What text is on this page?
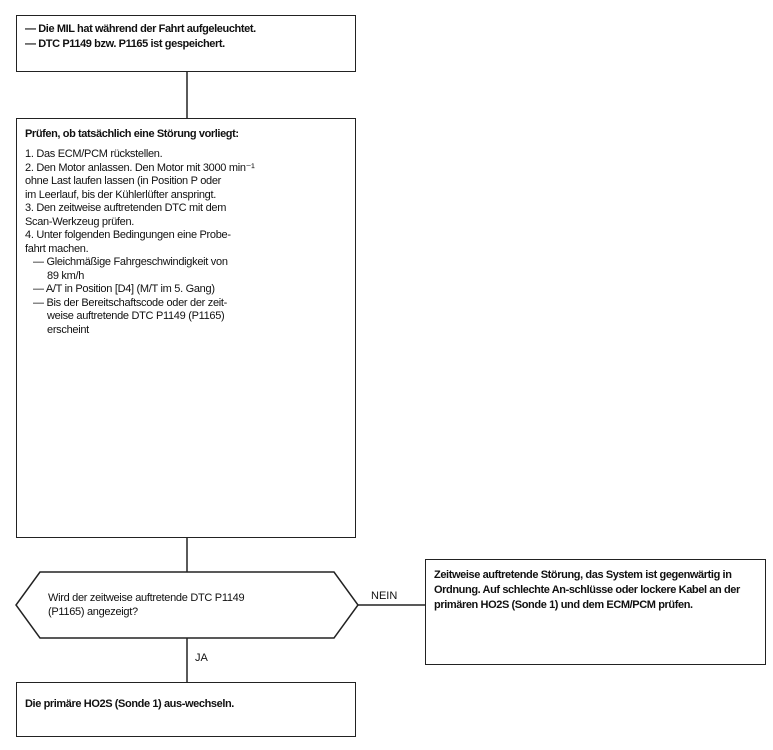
— Die MIL hat während der Fahrt aufgeleuchtet.
— DTC P1149 bzw. P1165 ist gespeichert.

Prüfen, ob tatsächlich eine Störung vorliegt:

1. Das ECM/PCM rückstellen.

2. Den Motor anlassen. Den Motor mit 3000 min⁻¹
ohne Last laufen lassen (in Position P oder
im Leerlauf, bis der Kühlerlüfter anspringt.

3. Den zeitweise auftretenden DTC mit dem
Scan-Werkzeug prüfen.

4. Unter folgenden Bedingungen eine Probe-
fahrt machen.

— Gleichmäßige Fahrgeschwindigkeit von
89 km/h

— A/T in Position [D4] (M/T im 5. Gang)

— Bis der Bereitschaftscode oder der zeit-
weise auftretende DTC P1149 (P1165)
erscheint

Wird der zeitweise auftretende DTC P1149
(P1165) angezeigt?
NEIN
JA
Zeitweise auftretende Störung, das System ist gegenwärtig in Ordnung. Auf schlechte An-schlüsse oder lockere Kabel an der primären HO2S (Sonde 1) und dem ECM/PCM prüfen.
Die primäre HO2S (Sonde 1) aus-wechseln.
